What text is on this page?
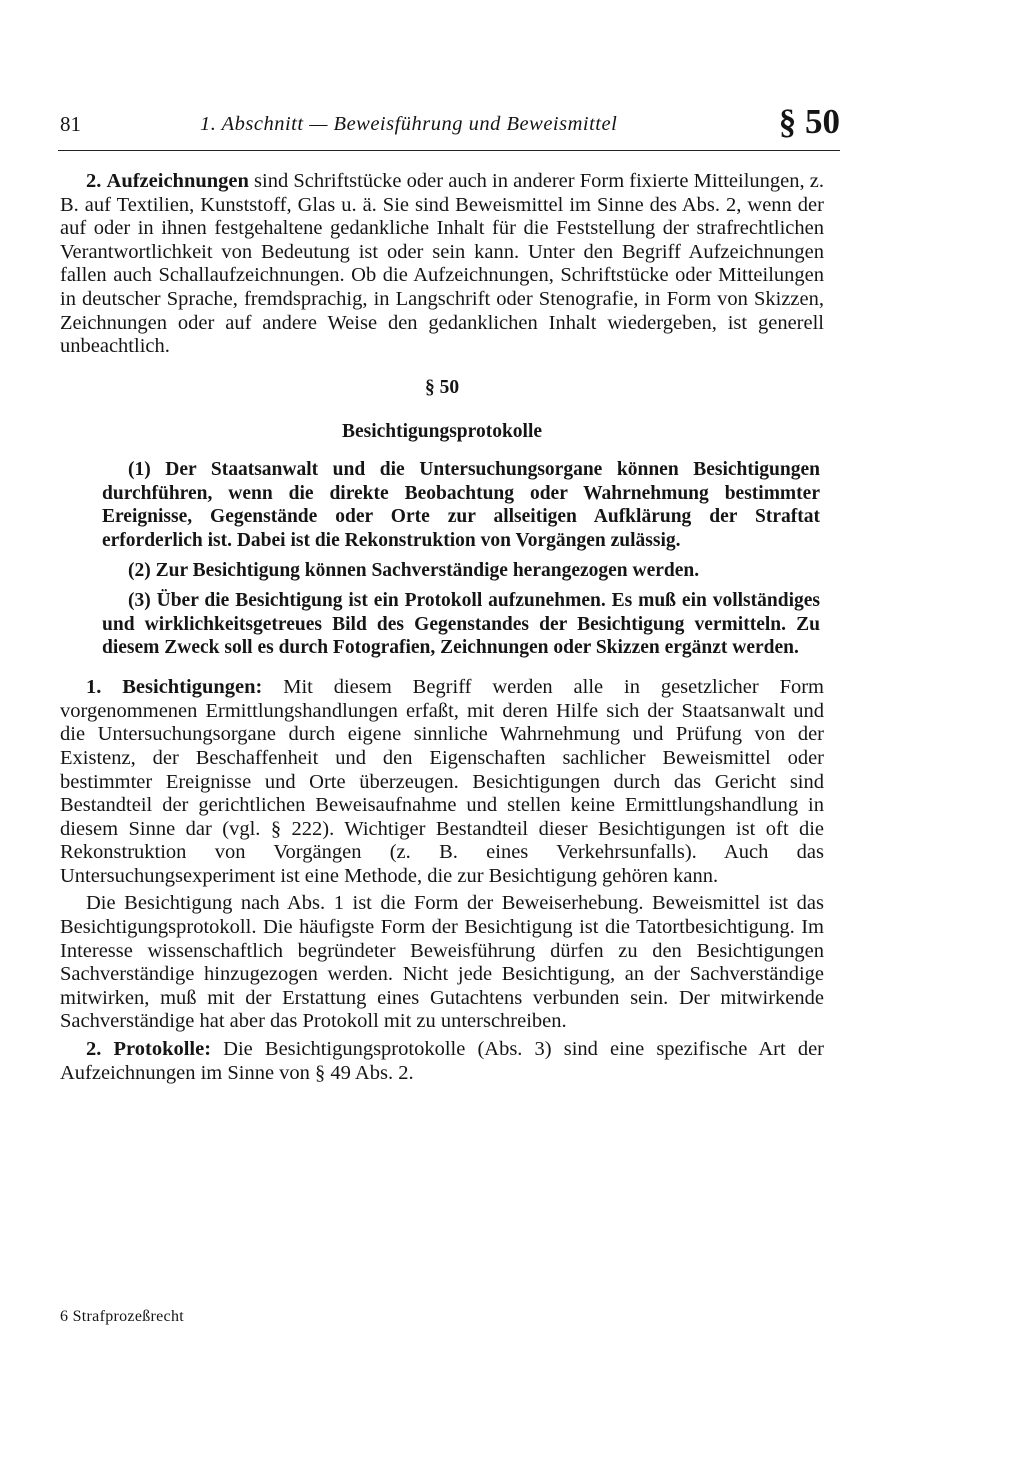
81	1. Abschnitt — Beweisführung und Beweismittel	§ 50

2. Aufzeichnungen sind Schriftstücke oder auch in anderer Form fixierte Mitteilungen, z. B. auf Textilien, Kunststoff, Glas u. ä. Sie sind Beweismittel im Sinne des Abs. 2, wenn der auf oder in ihnen festgehaltene gedankliche Inhalt für die Feststellung der strafrechtlichen Verantwortlichkeit von Bedeutung ist oder sein kann. Unter den Begriff Aufzeichnungen fallen auch Schallaufzeichnungen. Ob die Aufzeichnungen, Schriftstücke oder Mitteilungen in deutscher Sprache, fremdsprachig, in Langschrift oder Stenografie, in Form von Skizzen, Zeichnungen oder auf andere Weise den gedanklichen Inhalt wiedergeben, ist generell unbeachtlich.

§ 50
Besichtigungsprotokolle

(1) Der Staatsanwalt und die Untersuchungsorgane können Besichtigungen durchführen, wenn die direkte Beobachtung oder Wahrnehmung bestimmter Ereignisse, Gegenstände oder Orte zur allseitigen Aufklärung der Straftat erforderlich ist. Dabei ist die Rekonstruktion von Vorgängen zulässig.

(2) Zur Besichtigung können Sachverständige herangezogen werden.

(3) Über die Besichtigung ist ein Protokoll aufzunehmen. Es muß ein vollständiges und wirklichkeitsgetreues Bild des Gegenstandes der Besichtigung vermitteln. Zu diesem Zweck soll es durch Fotografien, Zeichnungen oder Skizzen ergänzt werden.

1. Besichtigungen: Mit diesem Begriff werden alle in gesetzlicher Form vorgenommenen Ermittlungshandlungen erfaßt, mit deren Hilfe sich der Staatsanwalt und die Untersuchungsorgane durch eigene sinnliche Wahrnehmung und Prüfung von der Existenz, der Beschaffenheit und den Eigenschaften sachlicher Beweismittel oder bestimmter Ereignisse und Orte überzeugen. Besichtigungen durch das Gericht sind Bestandteil der gerichtlichen Beweisaufnahme und stellen keine Ermittlungshandlung in diesem Sinne dar (vgl. § 222). Wichtiger Bestandteil dieser Besichtigungen ist oft die Rekonstruktion von Vorgängen (z. B. eines Verkehrsunfalls). Auch das Untersuchungsexperiment ist eine Methode, die zur Besichtigung gehören kann.

Die Besichtigung nach Abs. 1 ist die Form der Beweiserhebung. Beweismittel ist das Besichtigungsprotokoll. Die häufigste Form der Besichtigung ist die Tatortbesichtigung. Im Interesse wissenschaftlich begründeter Beweisführung dürfen zu den Besichtigungen Sachverständige hinzugezogen werden. Nicht jede Besichtigung, an der Sachverständige mitwirken, muß mit der Erstattung eines Gutachtens verbunden sein. Der mitwirkende Sachverständige hat aber das Protokoll mit zu unterschreiben.

2. Protokolle: Die Besichtigungsprotokolle (Abs. 3) sind eine spezifische Art der Aufzeichnungen im Sinne von § 49 Abs. 2.

6 Strafprozeßrecht
